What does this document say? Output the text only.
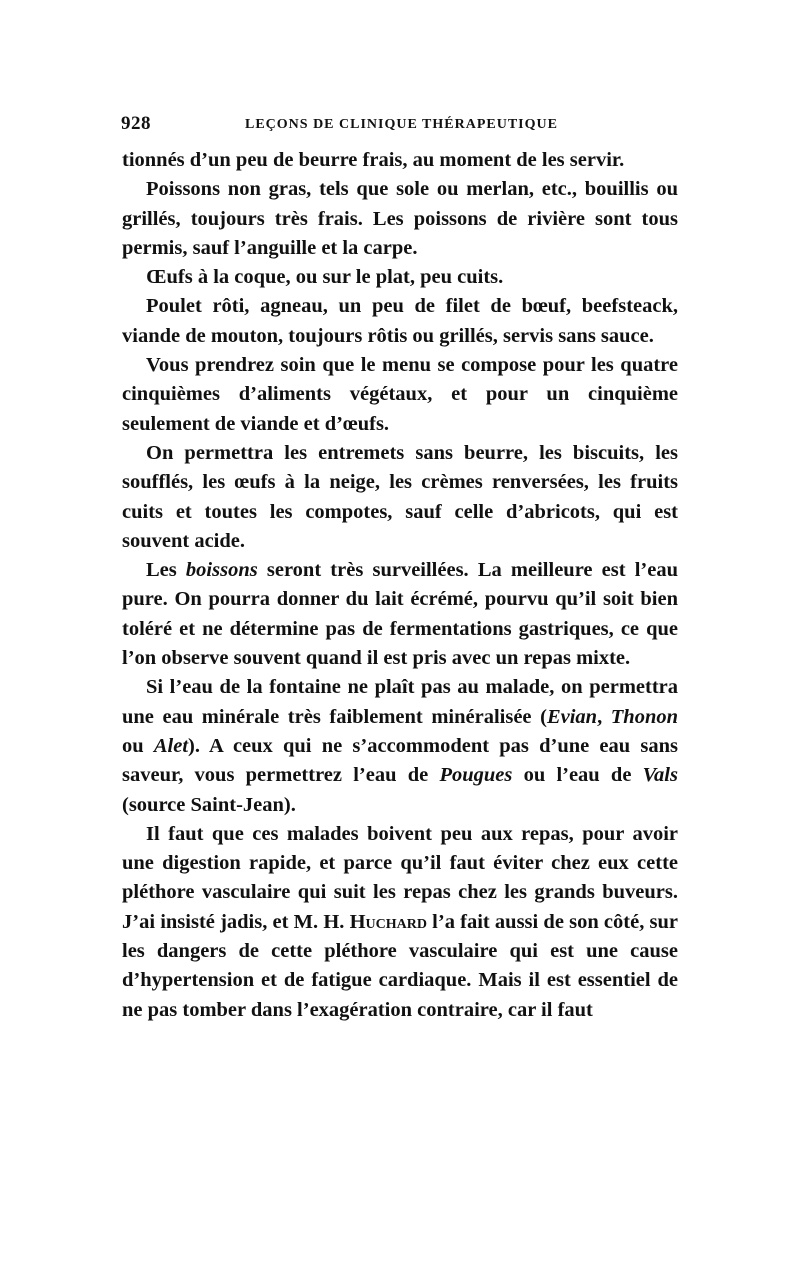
928	LEÇONS DE CLINIQUE THÉRAPEUTIQUE

tionnés d’un peu de beurre frais, au moment de les servir.

Poissons non gras, tels que sole ou merlan, etc., bouillis ou grillés, toujours très frais. Les poissons de rivière sont tous permis, sauf l’anguille et la carpe.

Œufs à la coque, ou sur le plat, peu cuits.

Poulet rôti, agneau, un peu de filet de bœuf, beefsteack, viande de mouton, toujours rôtis ou grillés, servis sans sauce.

Vous prendrez soin que le menu se compose pour les quatre cinquièmes d’aliments végétaux, et pour un cinquième seulement de viande et d’œufs.

On permettra les entremets sans beurre, les biscuits, les soufflés, les œufs à la neige, les crèmes renversées, les fruits cuits et toutes les compotes, sauf celle d’abricots, qui est souvent acide.

Les boissons seront très surveillées. La meilleure est l’eau pure. On pourra donner du lait écrémé, pourvu qu’il soit bien toléré et ne détermine pas de fermentations gastriques, ce que l’on observe souvent quand il est pris avec un repas mixte.

Si l’eau de la fontaine ne plaît pas au malade, on permettra une eau minérale très faiblement minéralisée (Evian, Thonon ou Alet). A ceux qui ne s’accommodent pas d’une eau sans saveur, vous permettrez l’eau de Pougues ou l’eau de Vals (source Saint-Jean).

Il faut que ces malades boivent peu aux repas, pour avoir une digestion rapide, et parce qu’il faut éviter chez eux cette pléthore vasculaire qui suit les repas chez les grands buveurs. J’ai insisté jadis, et M. H. Huchard l’a fait aussi de son côté, sur les dangers de cette pléthore vasculaire qui est une cause d’hypertension et de fatigue cardiaque. Mais il est essentiel de ne pas tomber dans l’exagération contraire, car il faut
